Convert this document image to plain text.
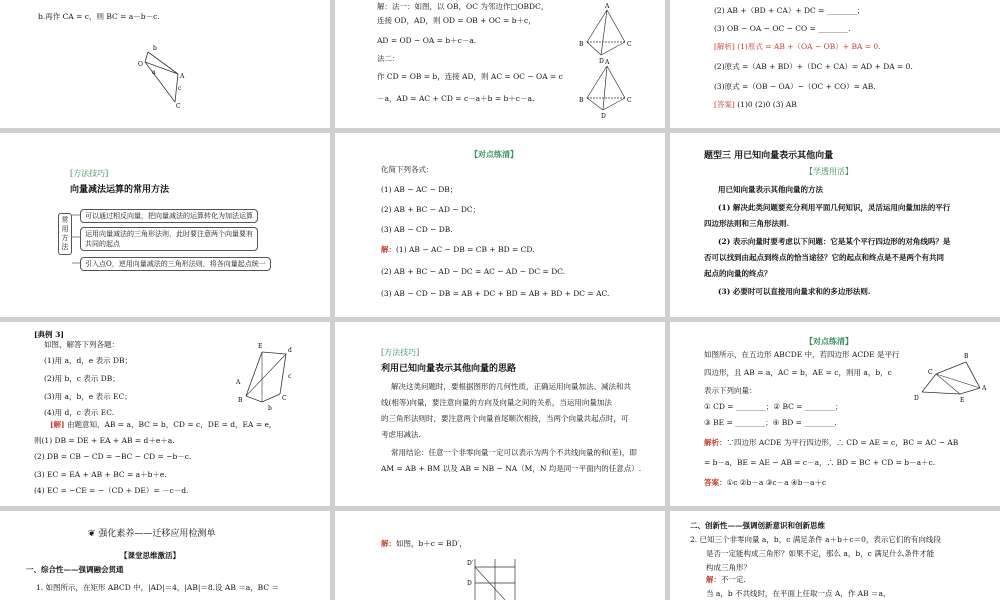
b.再作 CA = c，则 BC = a－b－c.
O
b
A
C
a
c
解：法一：如图，以 OB，OC 为邻边作□OBDC，
连接 OD，AD，则 OD = OB + OC = b＋c，
AD = OD − OA = b＋c－a.
法二：
作 CD = OB = b，连接 AD，则 AC = OC − OA = c
－a，AD = AC + CD = c－a＋b = b＋c－a.
A
B	C
D A
B	C
D
(2) AB +（BD + CA）+ DC = ________；
(3) OB − OA − OC − CO = ________.
[解析] (1)原式 = AB +（OA − OB）+ BA = 0.
(2)原式 =（AB + BD）+（DC + CA）= AD + DA = 0.
(3)原式 =（OB − OA）−（OC + CO）= AB.
[答案] (1)0 (2)0 (3) AB
[方法技巧]
向量减法运算的常用方法
常用方法
可以通过相反向量，把向量减法的运算转化为加法运算
运用向量减法的三角形法则，此时要注意两个向量要有
共同的起点
引入点O，逆用向量减法的三角形法则，将各向量起点统一
【对点练清】
化简下列各式：
(1) AB − AC − DB；
(2) AB + BC − AD − DC；
(3) AB − CD − DB.
解：(1) AB − AC − DB = CB + BD = CD.
(2) AB + BC − AD − DC = AC − AD − DC = DC.
(3) AB − CD − DB = AB + DC + BD = AB + BD + DC = AC.
题型三 用已知向量表示其他向量
【学透用活】
用已知向量表示其他向量的方法
(1) 解决此类问题要充分利用平面几何知识，灵活运用向量加法的平行
四边形法则和三角形法则.
(2) 表示向量时要考虑以下问题：它是某个平行四边形的对角线吗？是
否可以找到由起点到终点的恰当途径？它的起点和终点是不是两个有共同
起点的向量的终点？
(3) 必要时可以直接用向量求和的多边形法则.
[典例 3]
如图，解答下列各题：
(1)用 a，d，e 表示 DB；
(2)用 b，c 表示 DB；
(3)用 a，b，e 表示 EC；
(4)用 d，c 表示 EC.
[解] 由题意知，AB = a，BC = b，CD = c，DE = d，EA = e，
则(1) DB = DE + EA + AB = d＋e＋a.
(2) DB = CB − CD = −BC − CD = −b－c.
(3) EC = EA + AB + BC = a＋b＋e.
(4) EC = −CE = −（CD + DE）= －c－d.
E
d
c
C
B
A
b
[方法技巧]
利用已知向量表示其他向量的思路
解决这类问题时，要根据图形的几何性质，正确运用向量加法、减法和共
线(相等)向量，要注意向量的方向及向量之间的关系，当运用向量加法
的三角形法则时，要注意两个向量首尾顺次相接，当两个向量共起点时，可
考虑用减法.
常用结论：任意一个非零向量一定可以表示为两个不共线向量的和(差)，即
AM = AB + BM 以及 AB = NB − NA（M，N 均是同一平面内的任意点）.
【对点练清】
如图所示，在五边形 ABCDE 中，若四边形 ACDE 是平行
四边形，且 AB = a，AC = b，AE = c，则用 a，b，c
表示下列向量：
① CD = ________；② BC = ________；
③ BE = ________；④ BD = ________.
解析：∵四边形 ACDE 为平行四边形，∴ CD = AE = c，BC = AC − AB
= b－a，BE = AE − AB = c－a，∴ BD = BC + CD = b－a＋c.
答案：①c ②b－a ③c－a ④b－a＋c
C
B
A
D	E
❦ 强化素养——迁移应用检测单
【课堂思维激活】
一、综合性——强调融会贯通
1. 如图所示，在矩形 ABCD 中，|AD|＝4，|AB|＝8.设 AB ＝a，BC ＝
解：如图，b＋c = BD′，
D′
D
二、创新性——强调创新意识和创新思维
2. 已知三个非零向量 a，b，c 满足条件 a＋b＋c＝0，表示它们的有向线段
是否一定能构成三角形？如果不定，那么 a，b，c 满足什么条件才能
构成三角形？
解：不一定.
当 a，b 不共线时，在平面上任取一点 A，作 AB ＝a，
